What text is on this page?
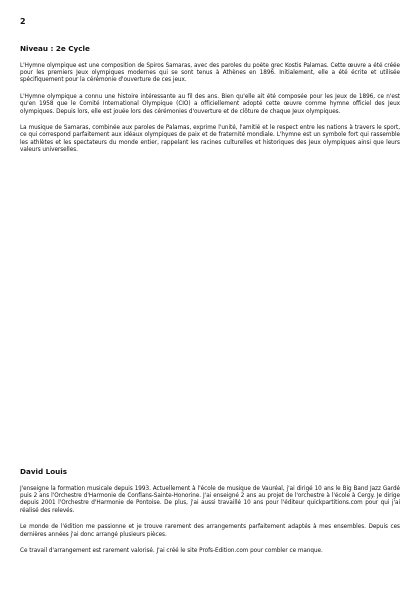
2
Niveau : 2e Cycle

L'Hymne olympique est une composition de Spiros Samaras, avec des paroles du poète grec Kostis Palamas. Cette œuvre a été créée pour les premiers Jeux olympiques modernes qui se sont tenus à Athènes en 1896. Initialement, elle a été écrite et utilisée spécifiquement pour la cérémonie d'ouverture de ces jeux.

L'Hymne olympique a connu une histoire intéressante au fil des ans. Bien qu'elle ait été composée pour les Jeux de 1896, ce n'est qu'en 1958 que le Comité International Olympique (CIO) a officiellement adopté cette œuvre comme hymne officiel des Jeux olympiques. Depuis lors, elle est jouée lors des cérémonies d'ouverture et de clôture de chaque Jeux olympiques.

La musique de Samaras, combinée aux paroles de Palamas, exprime l'unité, l'amitié et le respect entre les nations à travers le sport, ce qui correspond parfaitement aux idéaux olympiques de paix et de fraternité mondiale. L'hymne est un symbole fort qui rassemble les athlètes et les spectateurs du monde entier, rappelant les racines culturelles et historiques des Jeux olympiques ainsi que leurs valeurs universelles.

David Louis

J'enseigne la formation musicale depuis 1993. Actuellement à l'école de musique de Vauréal, j'ai dirigé 10 ans le Big Band Jazz Gardé puis 2 ans l'Orchestre d'Harmonie de Conflans-Sainte-Honorine. J'ai enseigné 2 ans au projet de l'orchestre à l'école à Cergy. Je dirige depuis 2001 l'Orchestre d'Harmonie de Pontoise. De plus, j'ai aussi travaillé 10 ans pour l'éditeur quickpartitions.com pour qui j'ai réalisé des relevés.

Le monde de l'édition me passionne et je trouve rarement des arrangements parfaitement adaptés à mes ensembles. Depuis ces dernières années j'ai donc arrangé plusieurs pièces.

Ce travail d'arrangement est rarement valorisé. J'ai créé le site Profs-Edition.com pour combler ce manque.
